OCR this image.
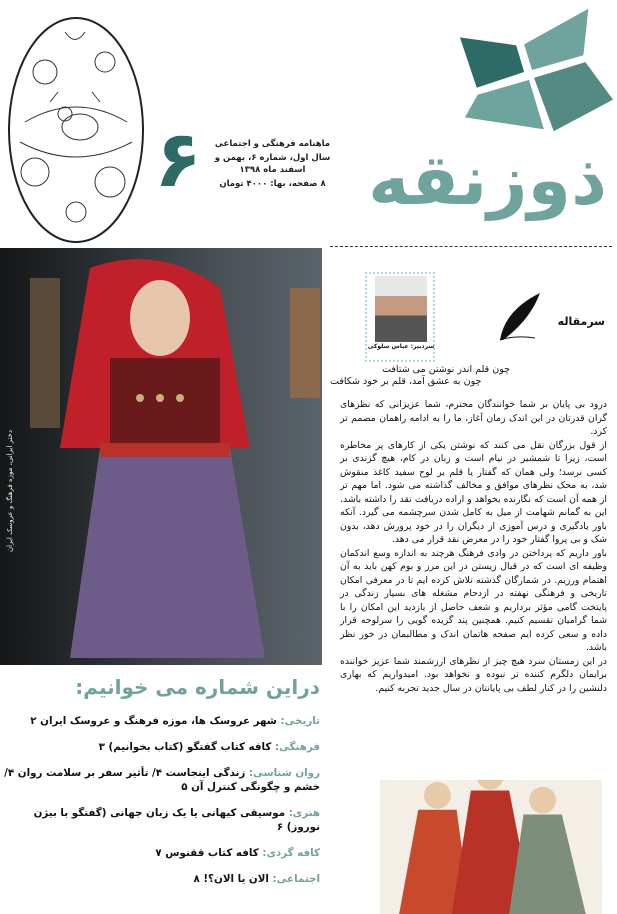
۶	ماهنامه فرهنگی و اجتماعی
سال اول، شماره ۶، بهمن و اسفند ماه ۱۳۹۸
۸ صفحه، بها: ۴۰۰۰ تومان ذوزنقه
دختر ایرانی، موزه فرهنگ و عروسک ایران
سردبیر: عباس سلوکی
سرمقاله
چون قلم اندر نوشتن می شتافت
چون به عشق آمد، قلم بر خود شکافت

درود بی پایان بر شما خوانندگان محترم، شما عزیزانی که نظرهای گران قدرتان در این اندک زمان آغاز، ما را به ادامه راهمان مصمم تر کرد.

از قول بزرگان نقل می کنند که نوشتن یکی از کارهای پر مخاطره است، زیرا تا شمشیر در نیام است و زبان در کام، هیچ گزندی بر کسی نرسد؛ ولی همان که گفتار یا قلم بر لوح سفید کاغذ منقوش شد، به محک نظرهای موافق و مخالف گذاشته می شود. اما مهم تر از همه آن است که نگارنده بخواهد و اراده دریافت نقد را داشته باشد. این به گمانم شهامت از میل به کامل شدن سرچشمه می گیرد. آنکه باور یادگیری و درس آموزی از دیگران را در خود پرورش دهد، بدون شک و بی پروا گفتار خود را در معرض نقد قرار می دهد.

باور داریم که پرداختن در وادی فرهنگ هرچند به اندازه وسع اندکمان وظیفه ای است که در قبال زیستن در این مرز و بوم کهن باید به آن اهتمام ورزیم. در شمارگان گذشته تلاش کرده ایم تا در معرفی امکان تاریخی و فرهنگی نهفته در ازدحام مشغله های بسیار زندگی در پایتخت گامی مؤثر برداریم و شعف حاصل از بازدید این امکان را با شما گرامیان تقسیم کنیم. همچنین پند گزیده گویی را سرلوحه قرار داده و سعی کرده ایم صفحه هاتمان اندک و مطالبمان در خور نظر باشد.

در این زمستان سرد هیچ چیز از نظرهای ارزشمند شما عزیز خواننده برایمان دلگرم کننده تر نبوده و نخواهد بود. امیدواریم که بهاری دلنشین را در کنار لطف بی پایانتان در سال جدید تجربه کنیم.

دراین شماره می خوانیم:
تاریخی: شهر عروسک ها، موزه فرهنگ و عروسک ایران ۲
فرهنگی: کافه کتاب گفتگو (کتاب بخوانیم) ۳
روان شناسی: زندگی اینجاست ۴/ تأثیر سفر بر سلامت روان ۴/ خشم و چگونگی کنترل آن ۵
هنری: موسیقی کیهانی یا یک زبان جهانی (گفتگو با بیژن نوروز) ۶
کافه گردی: کافه کتاب ققنوس ۷
اجتماعی: الان یا الان؟! ۸
